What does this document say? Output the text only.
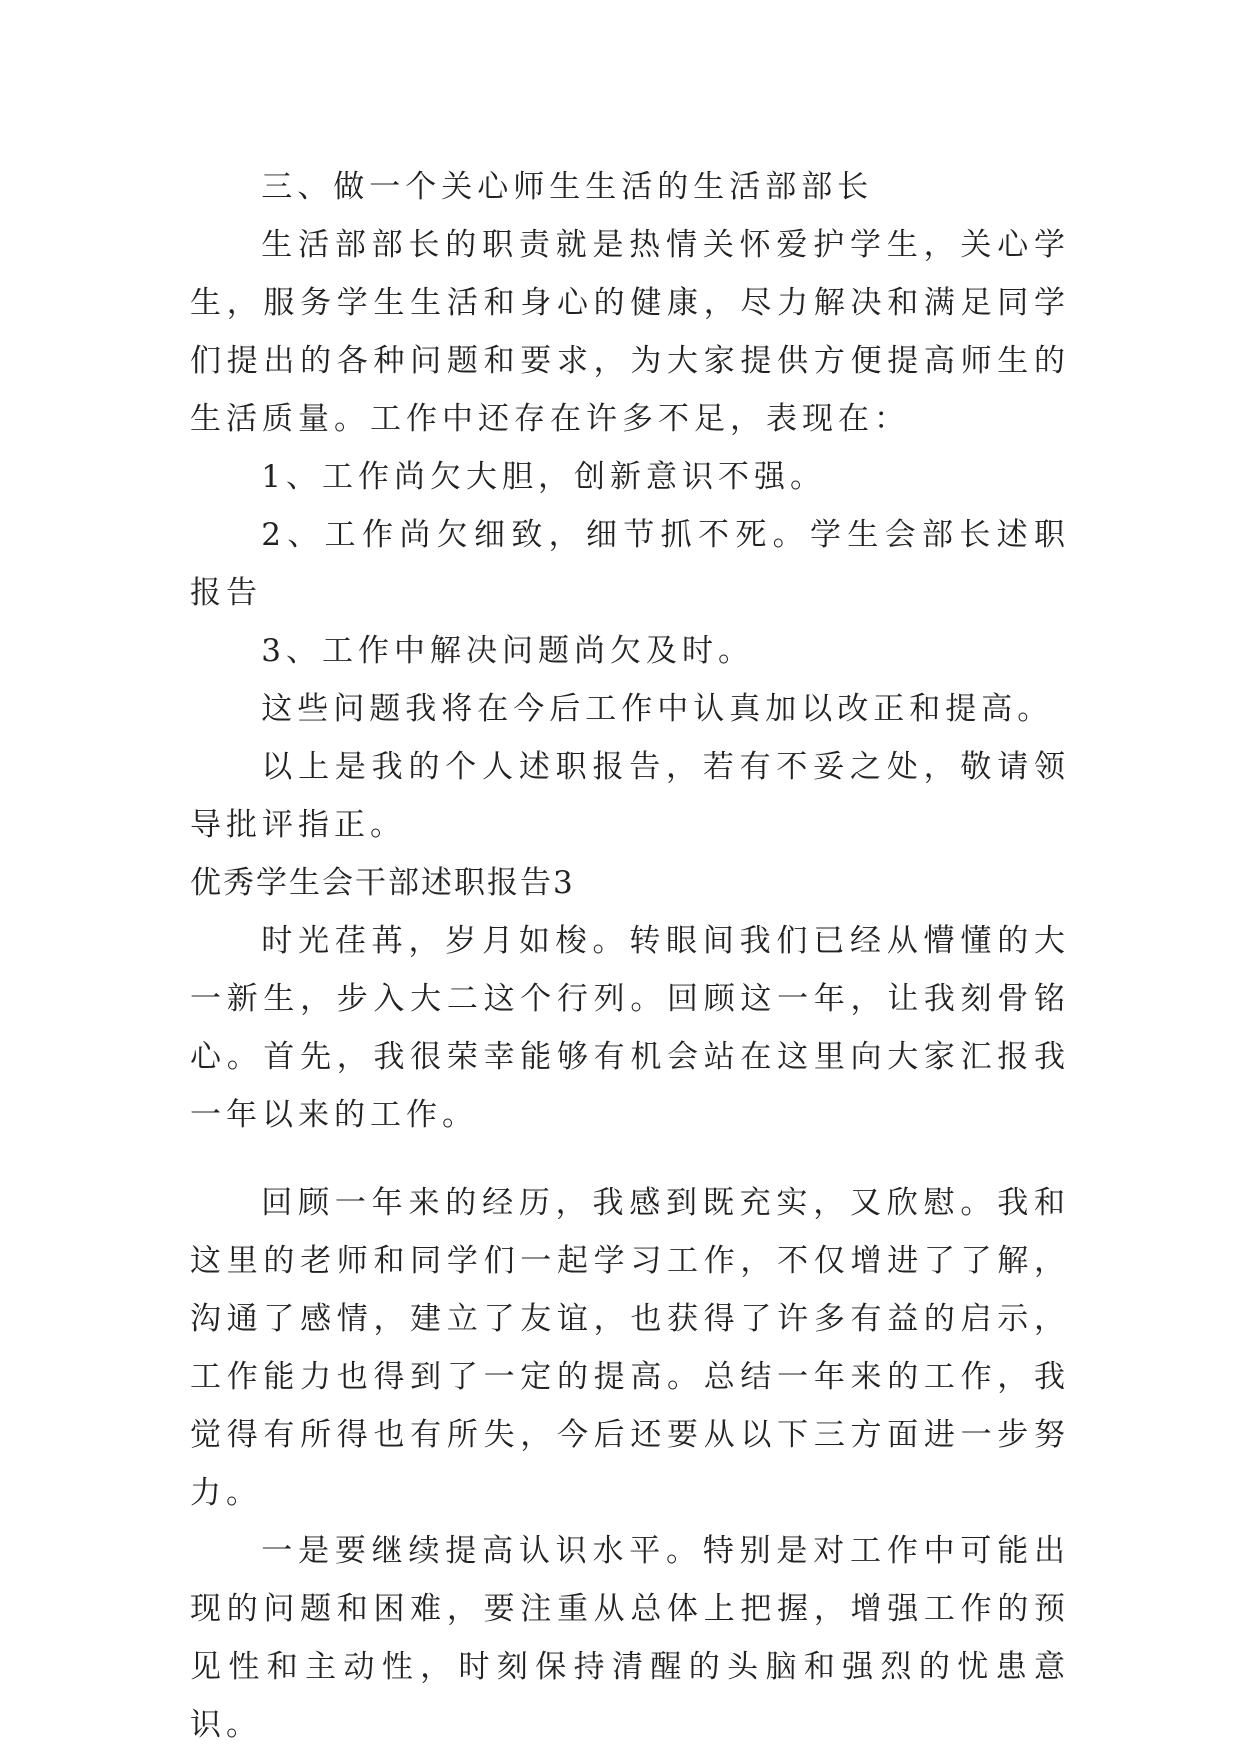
三、做一个关心师生生活的生活部部长

生活部部长的职责就是热情关怀爱护学生，关心学生，服务学生生活和身心的健康，尽力解决和满足同学们提出的各种问题和要求，为大家提供方便提高师生的生活质量。工作中还存在许多不足，表现在：

1、工作尚欠大胆，创新意识不强。

2、工作尚欠细致，细节抓不死。学生会部长述职报告

3、工作中解决问题尚欠及时。

这些问题我将在今后工作中认真加以改正和提高。

以上是我的个人述职报告，若有不妥之处，敬请领导批评指正。

优秀学生会干部述职报告3

时光荏苒，岁月如梭。转眼间我们已经从懵懂的大一新生，步入大二这个行列。回顾这一年，让我刻骨铭心。首先，我很荣幸能够有机会站在这里向大家汇报我一年以来的工作。

回顾一年来的经历，我感到既充实，又欣慰。我和这里的老师和同学们一起学习工作，不仅增进了了解，沟通了感情，建立了友谊，也获得了许多有益的启示，工作能力也得到了一定的提高。总结一年来的工作，我觉得有所得也有所失，今后还要从以下三方面进一步努力。

一是要继续提高认识水平。特别是对工作中可能出现的问题和困难，要注重从总体上把握，增强工作的预见性和主动性，时刻保持清醒的头脑和强烈的忧患意识。
